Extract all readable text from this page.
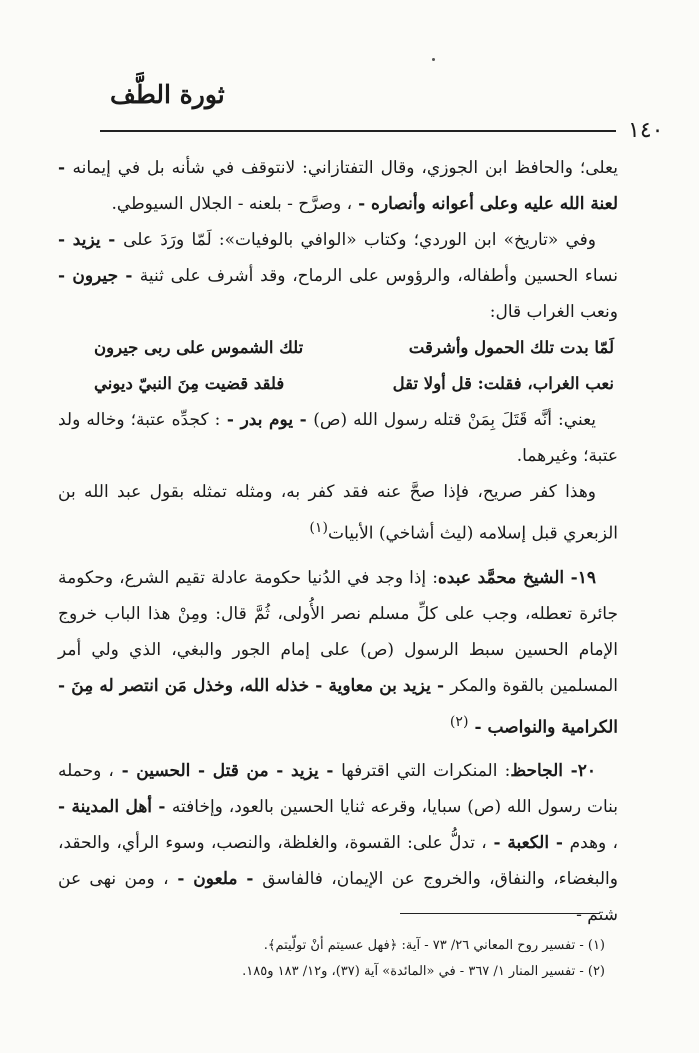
ثورة الطَّف
١٤٠

يعلى؛ والحافظ ابن الجوزي، وقال التفتازاني: لانتوقف في شأنه بل في إيمانه - لعنة الله عليه وعلى أعوانه وأنصاره - ، وصرَّح - بلعنه - الجلال السيوطي.

وفي «تاريخ» ابن الوردي؛ وكتاب «الوافي بالوفيات»: لَمّا ورَدَ على - يزيد - نساء الحسين وأطفاله، والرؤوس على الرماح، وقد أشرف على ثنية - جيرون - ونعب الغراب قال:

لَمّا بدت تلك الحمول وأشرقت
تلك الشموس على ربى جيرون
نعب الغراب، فقلت: قل أولا تقل
فلقد قضيت مِنَ النبيّ ديوني

يعني: أنَّه قَتَلَ بِمَنْ قتله رسول الله (ص) - يوم بدر - : كجدِّه عتبة؛ وخاله ولد عتبة؛ وغيرهما.

وهذا كفر صريح، فإذا صحَّ عنه فقد كفر به، ومثله تمثله بقول عبد الله بن الزبعري قبل إسلامه (ليث أشاخي) الأبيات$^{(١)}$

١٩- الشيخ محمَّد عبده: إذا وجد في الدُنيا حكومة عادلة تقيم الشرع، وحكومة جائرة تعطله، وجب على كلِّ مسلم نصر الأُولى، ثُمَّ قال: ومِنْ هذا الباب خروج الإمام الحسين سبط الرسول (ص) على إمام الجور والبغي، الذي ولي أمر المسلمين بالقوة والمكر - يزيد بن معاوية - خذله الله، وخذل مَن انتصر له مِنَ - الكرامية والنواصب - $^{(٢)}$

٢٠- الجاحظ: المنكرات التي اقترفها - يزيد - من قتل - الحسين - ، وحمله بنات رسول الله (ص) سبايا، وقرعه ثنايا الحسين بالعود، وإخافته - أهل المدينة - ، وهدم - الكعبة - ، تدلُّ على: القسوة، والغلظة، والنصب، وسوء الرأي، والحقد، والبغضاء، والنفاق، والخروج عن الإيمان، فالفاسق - ملعون - ، ومن نهى عن شتم -

(١) - تفسير روح المعاني ٢٦/ ٧٣ - آية: ﴿فهل عسيتم أنْ تولّيتم﴾.
(٢) - تفسير المنار ١/ ٣٦٧ - في «المائدة» آية (٣٧)، و١٢/ ١٨٣ و١٨٥.
